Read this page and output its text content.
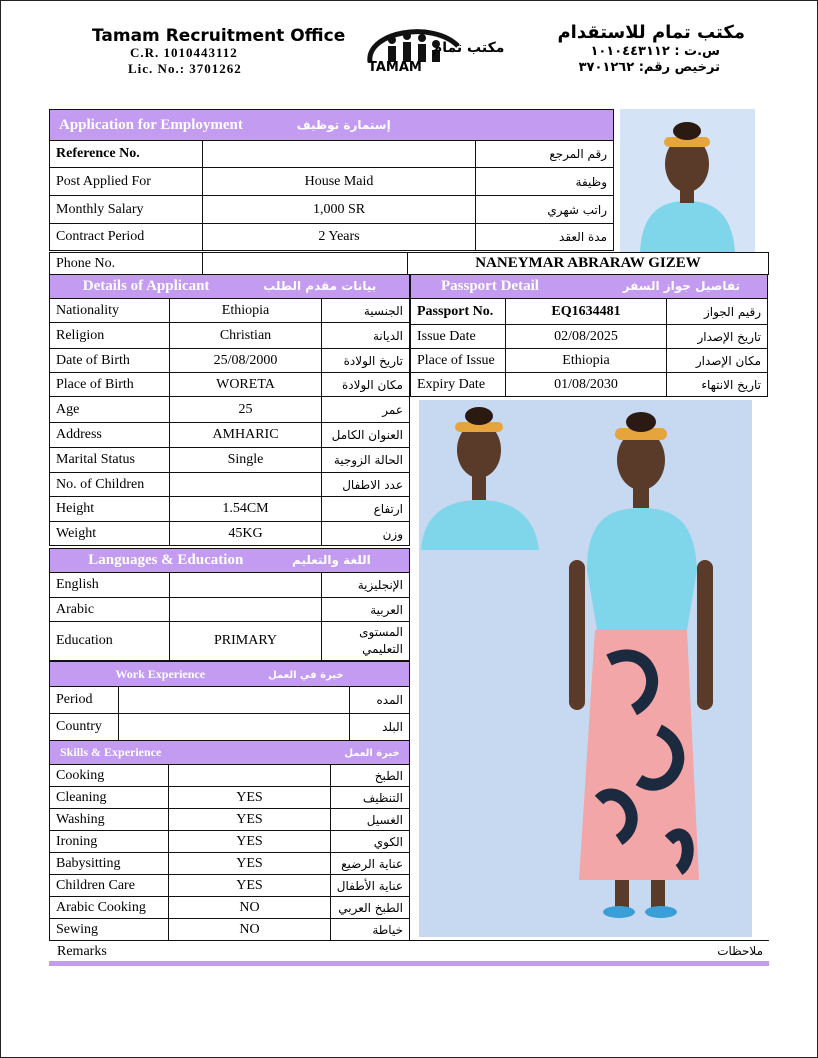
Tamam Recruitment Office
C.R. 1010443112
Lic. No.: 3701262	TAMAM
مكتب تمام
مكتب تمام للاستقدام
س.ت : ١٠١٠٤٤٣١١٢
ترخيص رقم: ٣٧٠١٢٦٢
Application for Employment إستمارة توظيف		
Reference No.		رقم المرجع
Post Applied For	House Maid	وظيفة
Monthly Salary	1,000 SR	راتب شهري
Contract Period	2 Years	مدة العقد
Phone No.		NANEYMAR ABRARAW GIZEW
Details of Applicant بيانات مقدم الطلب		
Nationality	Ethiopia	الجنسية
Religion	Christian	الديانة
Date of Birth	25/08/2000	تاريخ الولادة
Place of Birth	WORETA	مكان الولادة
Age	25	عمر
Address	AMHARIC	العنوان الكامل
Marital Status	Single	الحالة الزوجية
No. of Children		عدد الاطفال
Height	1.54CM	ارتفاع
Weight	45KG	وزن
Languages & Education اللغة والتعليم		
English		الإنجليزية
Arabic		العربية
Education	PRIMARY	المستوى التعليمي
Work Experience خبرة في العمل		
Period		المده
Country		البلد
Skills & Experience خبرة العمل		
Cooking		الطبخ
Cleaning	YES	التنظيف
Washing	YES	الغسيل
Ironing	YES	الكوي
Babysitting	YES	عناية الرضيع
Children Care	YES	عناية الأطفال
Arabic Cooking	NO	الطبخ العربي
Sewing	NO	خياطة
Passport Detail تفاصيل جواز السفر		
Passport No.	EQ1634481	رقيم الجواز
Issue Date	02/08/2025	تاريخ الإصدار
Place of Issue	Ethiopia	مكان الإصدار
Expiry Date	01/08/2030	تاريخ الانتهاء
Remarks	ملاحظات
